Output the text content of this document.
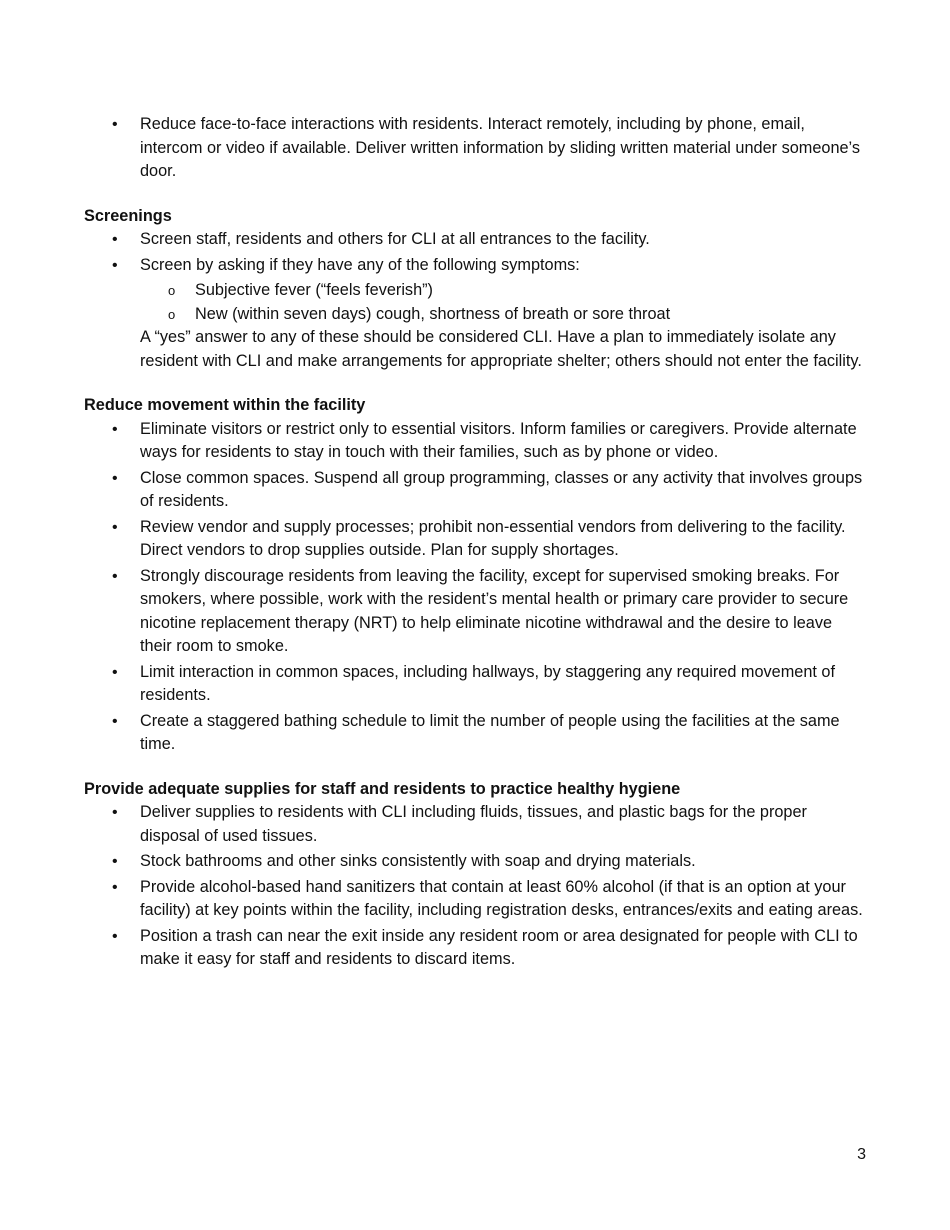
• Reduce face-to-face interactions with residents. Interact remotely, including by phone, email, intercom or video if available. Deliver written information by sliding written material under someone’s door.

Screenings

• Screen staff, residents and others for CLI at all entrances to the facility.
• Screen by asking if they have any of the following symptoms:
o Subjective fever (“feels feverish”)
o New (within seven days) cough, shortness of breath or sore throat
A “yes” answer to any of these should be considered CLI. Have a plan to immediately isolate any resident with CLI and make arrangements for appropriate shelter; others should not enter the facility.

Reduce movement within the facility

• Eliminate visitors or restrict only to essential visitors. Inform families or caregivers. Provide alternate ways for residents to stay in touch with their families, such as by phone or video.
• Close common spaces. Suspend all group programming, classes or any activity that involves groups of residents.
• Review vendor and supply processes; prohibit non-essential vendors from delivering to the facility. Direct vendors to drop supplies outside. Plan for supply shortages.
• Strongly discourage residents from leaving the facility, except for supervised smoking breaks. For smokers, where possible, work with the resident’s mental health or primary care provider to secure nicotine replacement therapy (NRT) to help eliminate nicotine withdrawal and the desire to leave their room to smoke.
• Limit interaction in common spaces, including hallways, by staggering any required movement of residents.
• Create a staggered bathing schedule to limit the number of people using the facilities at the same time.

Provide adequate supplies for staff and residents to practice healthy hygiene

• Deliver supplies to residents with CLI including fluids, tissues, and plastic bags for the proper disposal of used tissues.
• Stock bathrooms and other sinks consistently with soap and drying materials.
• Provide alcohol-based hand sanitizers that contain at least 60% alcohol (if that is an option at your facility) at key points within the facility, including registration desks, entrances/exits and eating areas.
• Position a trash can near the exit inside any resident room or area designated for people with CLI to make it easy for staff and residents to discard items.
3
